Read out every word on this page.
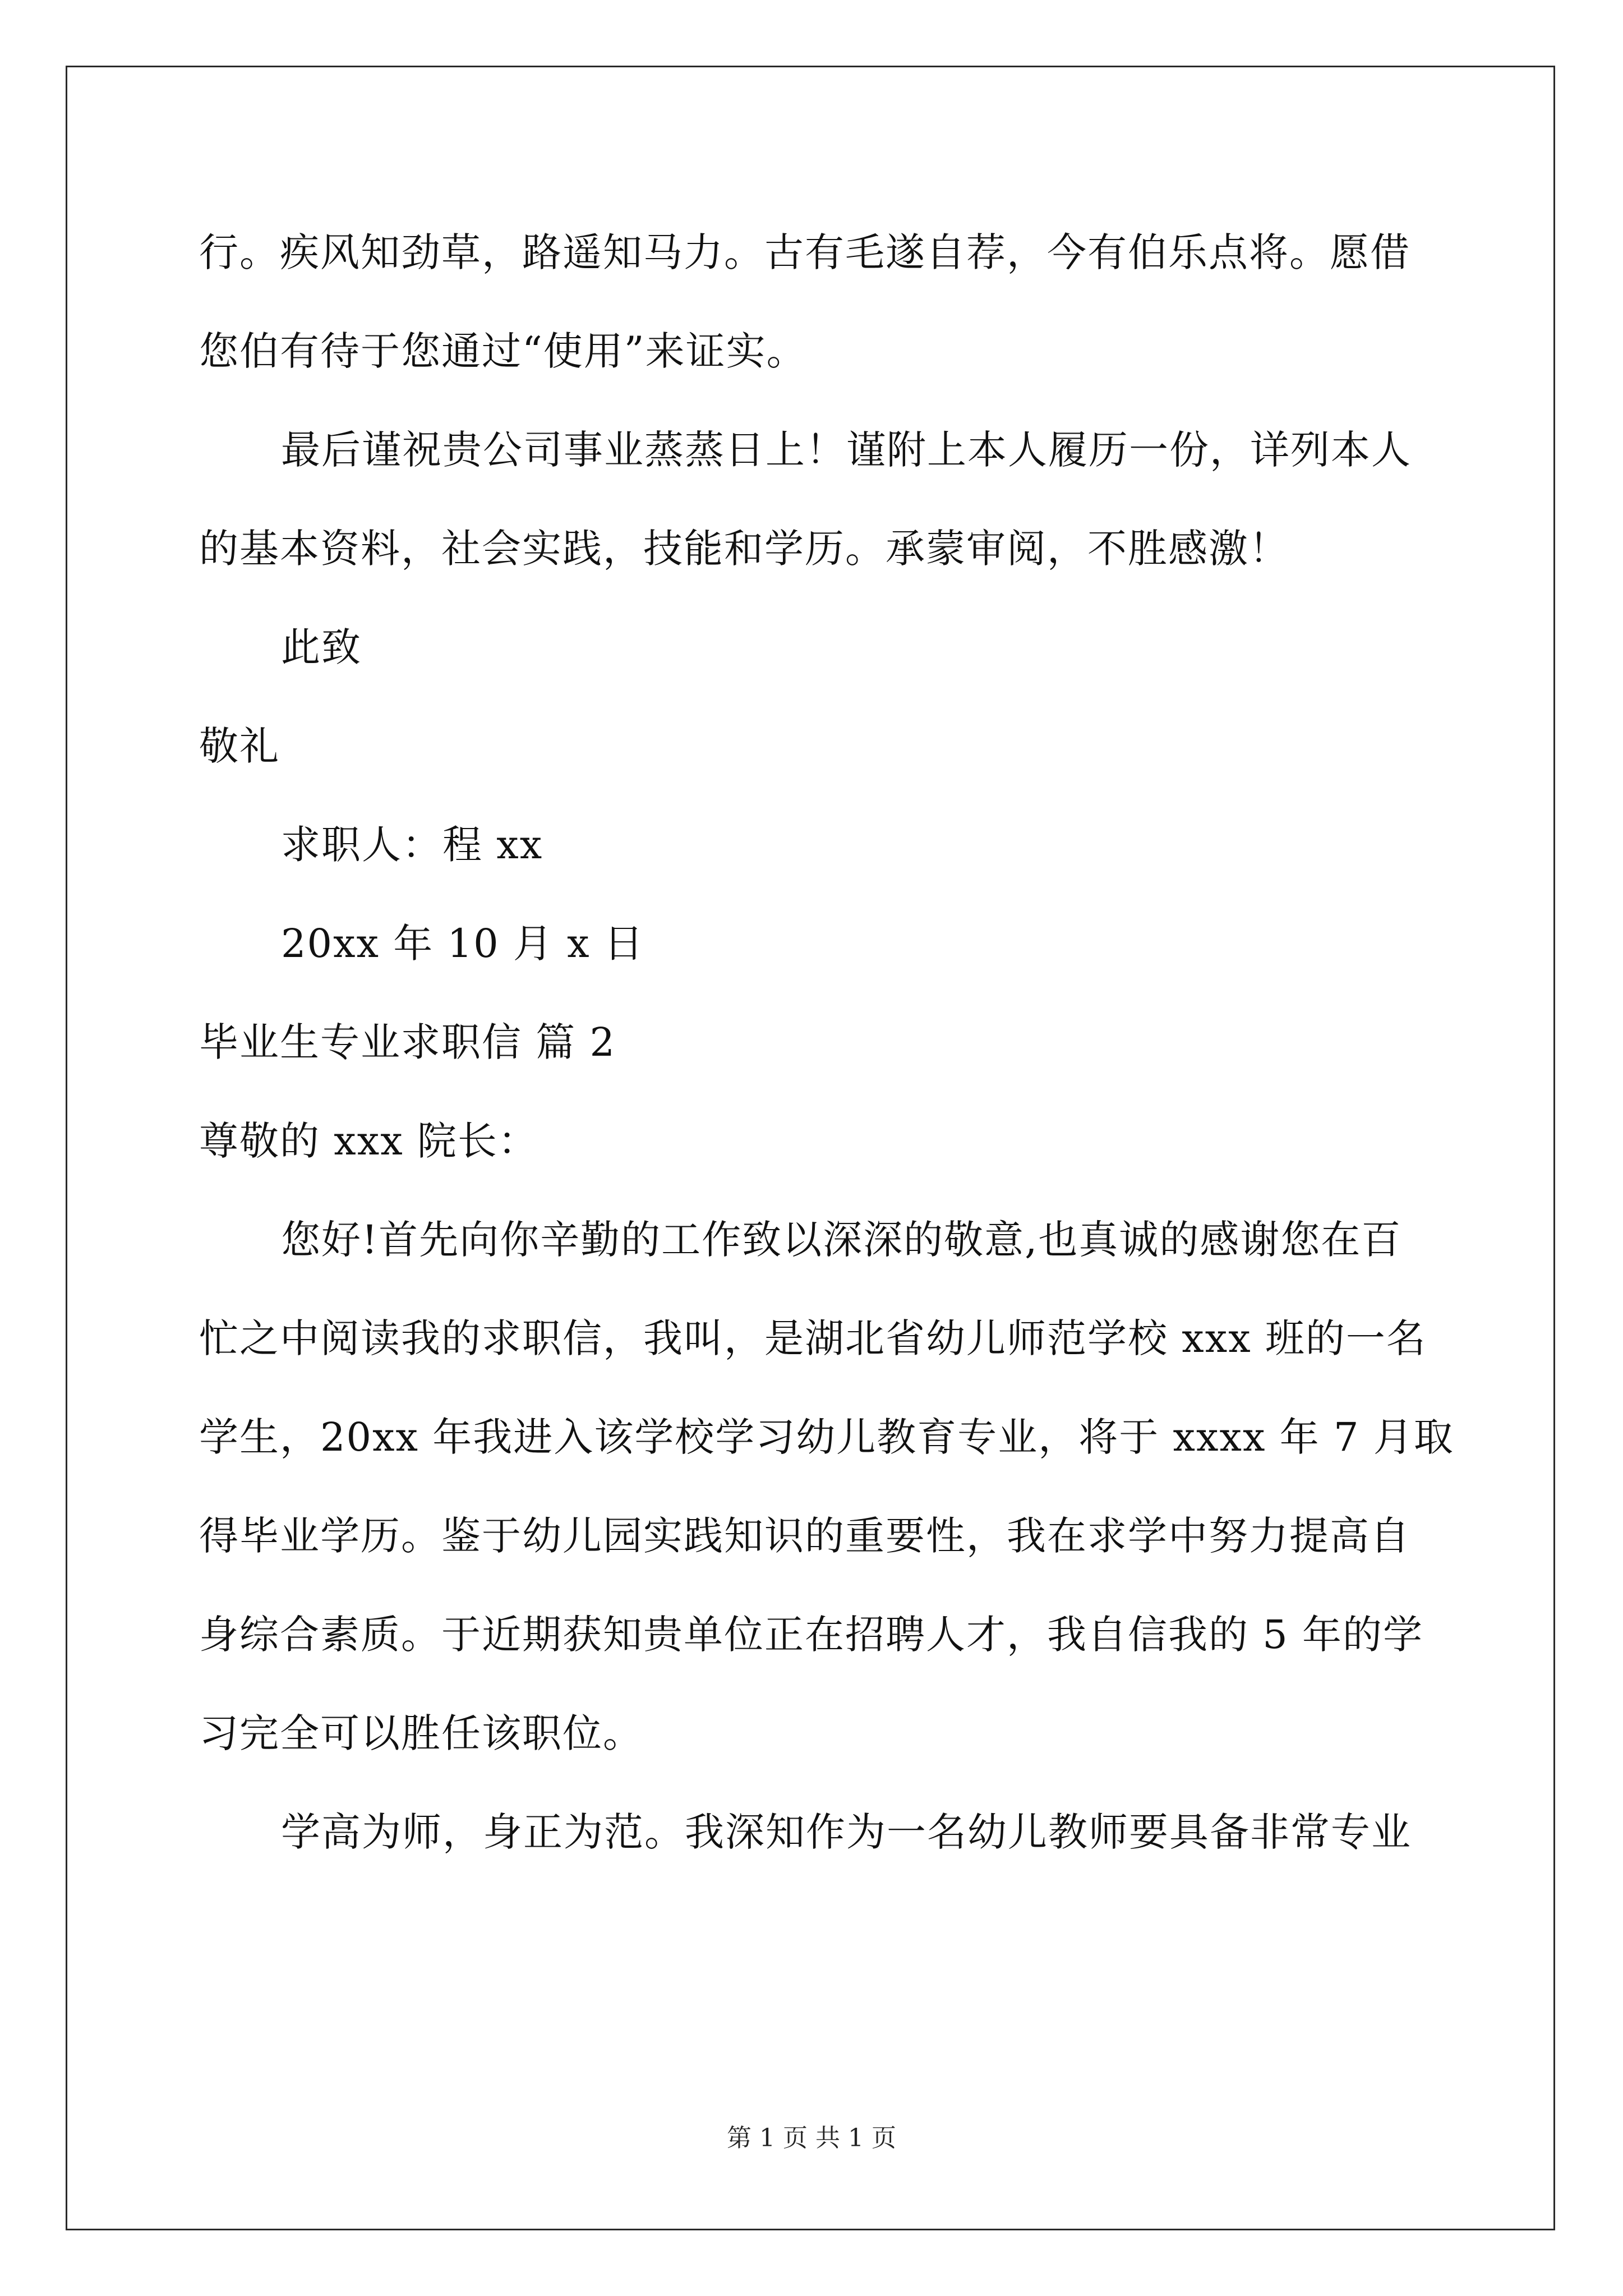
行。疾风知劲草，路遥知马力。古有毛遂自荐，今有伯乐点将。愿借
您伯有待于您通过“使用”来证实。
最后谨祝贵公司事业蒸蒸日上！谨附上本人履历一份，详列本人
的基本资料，社会实践，技能和学历。承蒙审阅，不胜感激！
此致
敬礼
求职人：程 xx
20xx 年 10 月 x 日
毕业生专业求职信 篇 2
尊敬的 xxx 院长：
您好!首先向你辛勤的工作致以深深的敬意,也真诚的感谢您在百
忙之中阅读我的求职信，我叫，是湖北省幼儿师范学校 xxx 班的一名
学生，20xx 年我进入该学校学习幼儿教育专业，将于 xxxx 年 7 月取
得毕业学历。鉴于幼儿园实践知识的重要性，我在求学中努力提高自
身综合素质。于近期获知贵单位正在招聘人才，我自信我的 5 年的学
习完全可以胜任该职位。
学高为师，身正为范。我深知作为一名幼儿教师要具备非常专业
第 1 页 共 1 页
